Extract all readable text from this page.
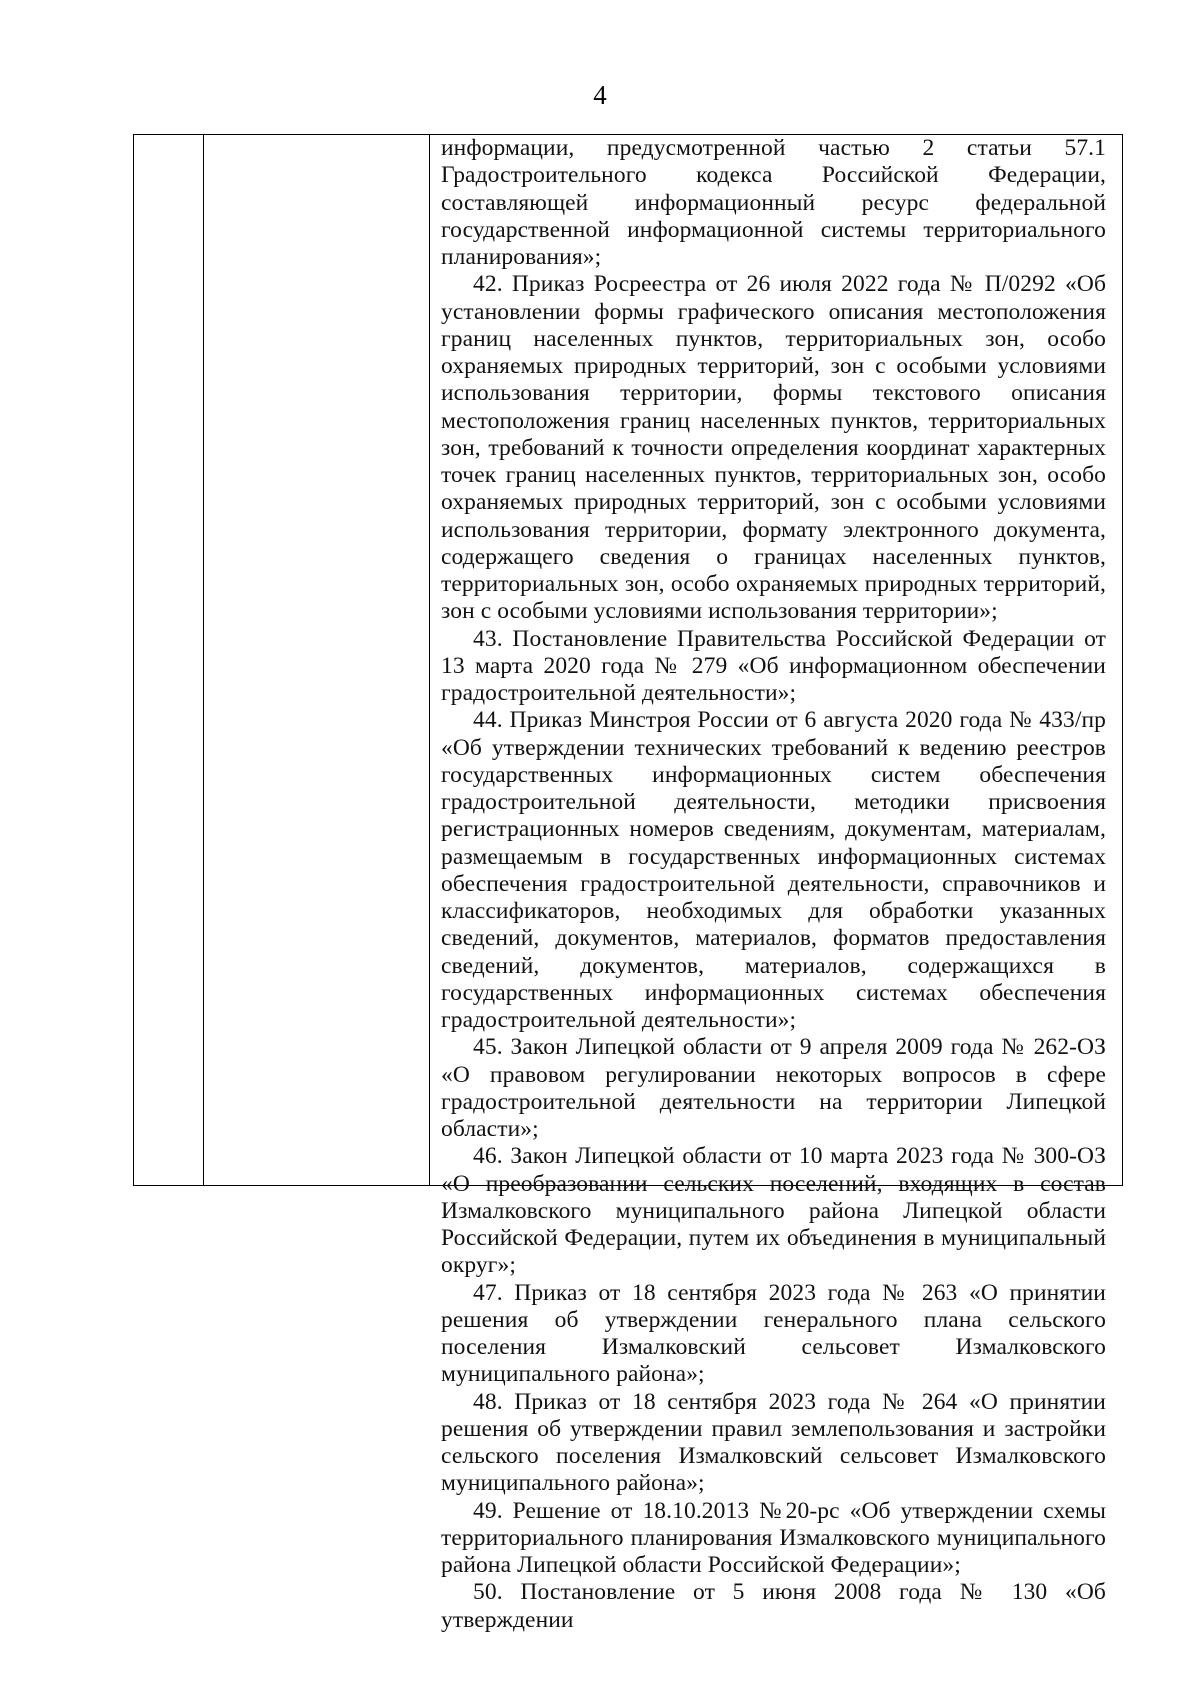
4

информации, предусмотренной частью 2 статьи 57.1 Градостроительного кодекса Российской Федерации, составляющей информационный ресурс федеральной государственной информационной системы территориального планирования»;

42. Приказ Росреестра от 26 июля 2022 года № П/0292 «Об установлении формы графического описания местоположения границ населенных пунктов, территориальных зон, особо охраняемых природных территорий, зон с особыми условиями использования территории, формы текстового описания местоположения границ населенных пунктов, территориальных зон, требований к точности определения координат характерных точек границ населенных пунктов, территориальных зон, особо охраняемых природных территорий, зон с особыми условиями использования территории, формату электронного документа, содержащего сведения о границах населенных пунктов, территориальных зон, особо охраняемых природных территорий, зон с особыми условиями использования территории»;

43. Постановление Правительства Российской Федерации от 13 марта 2020 года № 279 «Об информационном обеспечении градостроительной деятельности»;

44. Приказ Минстроя России от 6 августа 2020 года № 433/пр «Об утверждении технических требований к ведению реестров государственных информационных систем обеспечения градостроительной деятельности, методики присвоения регистрационных номеров сведениям, документам, материалам, размещаемым в государственных информационных системах обеспечения градостроительной деятельности, справочников и классификаторов, необходимых для обработки указанных сведений, документов, материалов, форматов предоставления сведений, документов, материалов, содержащихся в государственных информационных системах обеспечения градостроительной деятельности»;

45. Закон Липецкой области от 9 апреля 2009 года № 262-ОЗ «О правовом регулировании некоторых вопросов в сфере градостроительной деятельности на территории Липецкой области»;

46. Закон Липецкой области от 10 марта 2023 года № 300-ОЗ «О преобразовании сельских поселений, входящих в состав Измалковского муниципального района Липецкой области Российской Федерации, путем их объединения в муниципальный округ»;

47. Приказ от 18 сентября 2023 года № 263 «О принятии решения об утверждении генерального плана сельского поселения Измалковский сельсовет Измалковского муниципального района»;

48. Приказ от 18 сентября 2023 года № 264 «О принятии решения об утверждении правил землепользования и застройки сельского поселения Измалковский сельсовет Измалковского муниципального района»;

49. Решение от 18.10.2013 №20-рс «Об утверждении схемы территориального планирования Измалковского муниципального района Липецкой области Российской Федерации»;

50. Постановление от 5 июня 2008 года № 130 «Об утверждении
